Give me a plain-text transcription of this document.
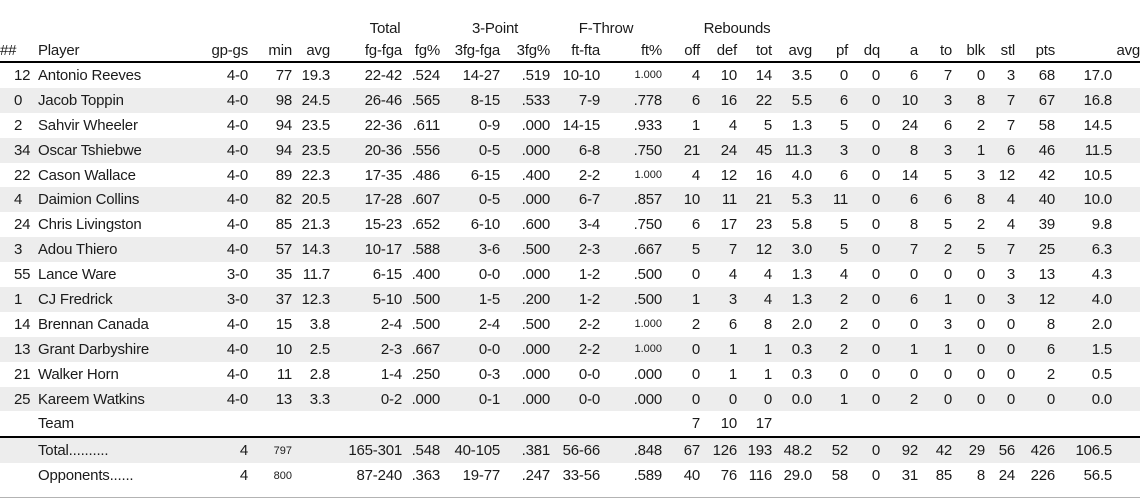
					Total		3-Point		F-Throw		Rebounds											
##	Player	gp-gs	min	avg	fg-fga	fg%	3fg-fga	3fg%	ft-fta	ft%	off	def	tot	avg	pf	dq	a	to	blk	stl	pts	avg
12	Antonio Reeves	4-0	77	19.3	22-42	.524	14-27	.519	10-10	1.000	4	10	14	3.5	0	0	6	7	0	3	68	17.0
0	Jacob Toppin	4-0	98	24.5	26-46	.565	8-15	.533	7-9	.778	6	16	22	5.5	6	0	10	3	8	7	67	16.8
2	Sahvir Wheeler	4-0	94	23.5	22-36	.611	0-9	.000	14-15	.933	1	4	5	1.3	5	0	24	6	2	7	58	14.5
34	Oscar Tshiebwe	4-0	94	23.5	20-36	.556	0-5	.000	6-8	.750	21	24	45	11.3	3	0	8	3	1	6	46	11.5
22	Cason Wallace	4-0	89	22.3	17-35	.486	6-15	.400	2-2	1.000	4	12	16	4.0	6	0	14	5	3	12	42	10.5
4	Daimion Collins	4-0	82	20.5	17-28	.607	0-5	.000	6-7	.857	10	11	21	5.3	11	0	6	6	8	4	40	10.0
24	Chris Livingston	4-0	85	21.3	15-23	.652	6-10	.600	3-4	.750	6	17	23	5.8	5	0	8	5	2	4	39	9.8
3	Adou Thiero	4-0	57	14.3	10-17	.588	3-6	.500	2-3	.667	5	7	12	3.0	5	0	7	2	5	7	25	6.3
55	Lance Ware	3-0	35	11.7	6-15	.400	0-0	.000	1-2	.500	0	4	4	1.3	4	0	0	0	0	3	13	4.3
1	CJ Fredrick	3-0	37	12.3	5-10	.500	1-5	.200	1-2	.500	1	3	4	1.3	2	0	6	1	0	3	12	4.0
14	Brennan Canada	4-0	15	3.8	2-4	.500	2-4	.500	2-2	1.000	2	6	8	2.0	2	0	0	3	0	0	8	2.0
13	Grant Darbyshire	4-0	10	2.5	2-3	.667	0-0	.000	2-2	1.000	0	1	1	0.3	2	0	1	1	0	0	6	1.5
21	Walker Horn	4-0	11	2.8	1-4	.250	0-3	.000	0-0	.000	0	1	1	0.3	0	0	0	0	0	0	2	0.5
25	Kareem Watkins	4-0	13	3.3	0-2	.000	0-1	.000	0-0	.000	0	0	0	0.0	1	0	2	0	0	0	0	0.0
	Team										7	10	17									
	Total..........	4	797		165-301	.548	40-105	.381	56-66	.848	67	126	193	48.2	52	0	92	42	29	56	426	106.5
	Opponents......	4	800		87-240	.363	19-77	.247	33-56	.589	40	76	116	29.0	58	0	31	85	8	24	226	56.5
